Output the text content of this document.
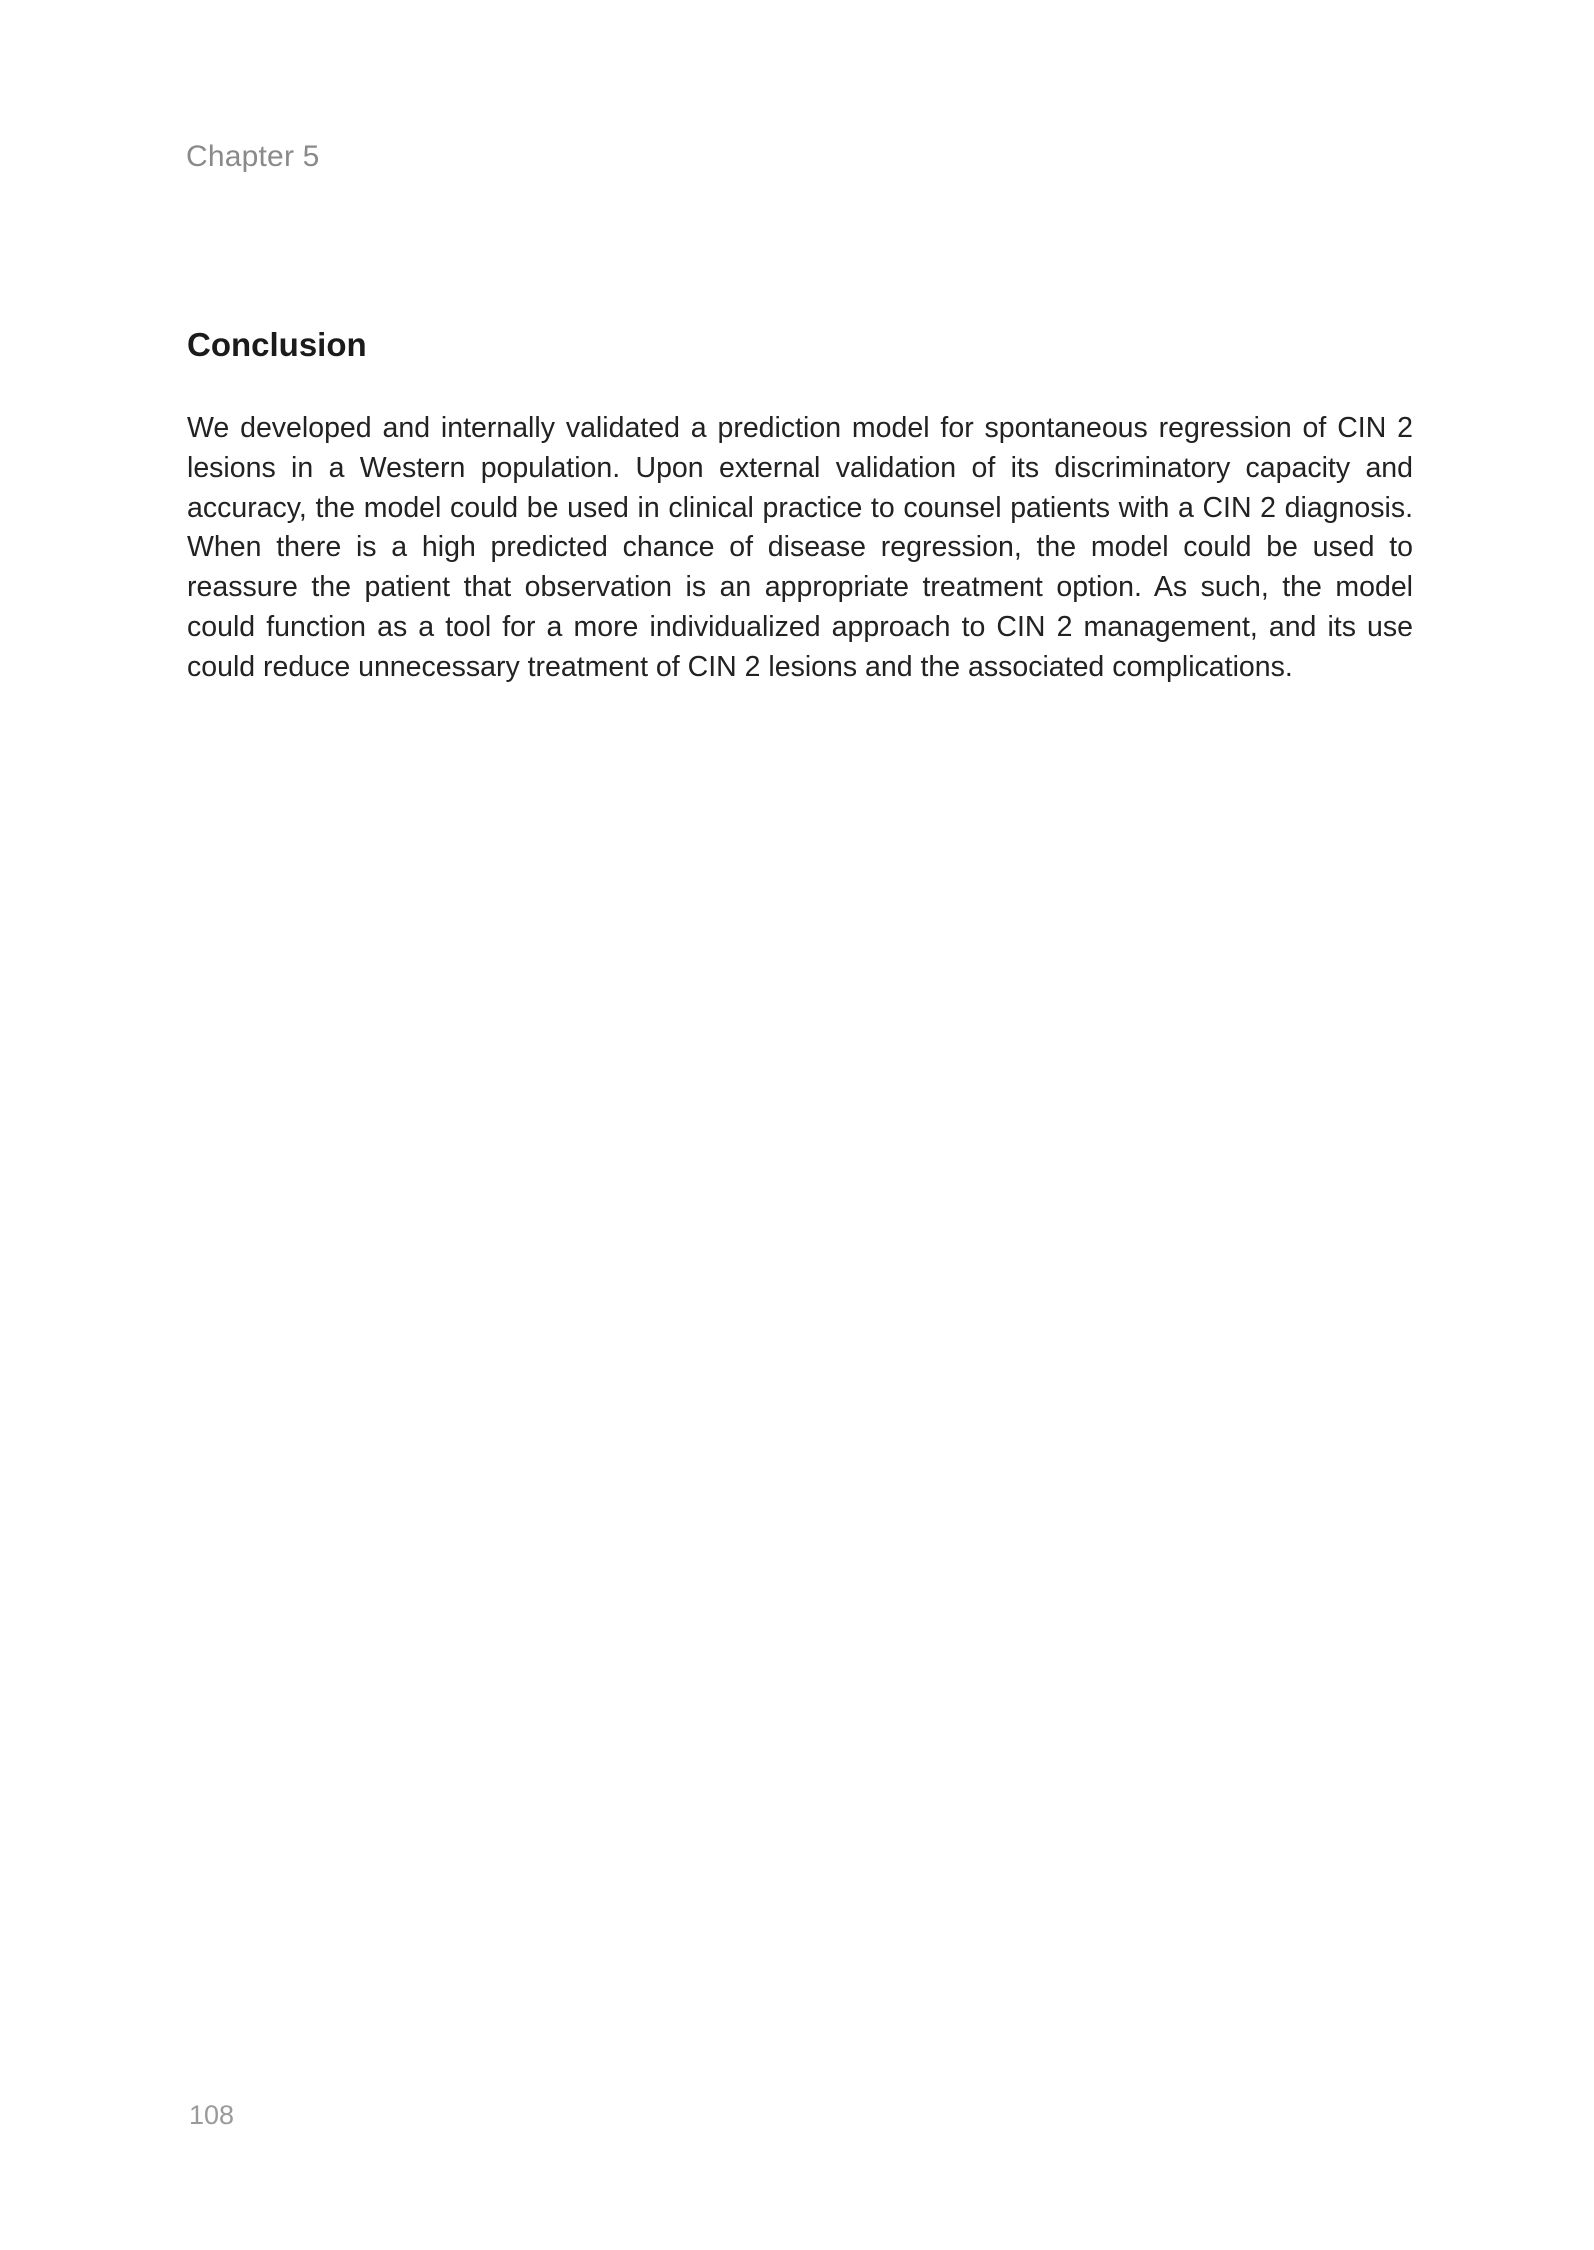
Chapter 5
Conclusion

We developed and internally validated a prediction model for spontaneous regression of CIN 2 lesions in a Western population. Upon external validation of its discriminatory capacity and accuracy, the model could be used in clinical practice to counsel patients with a CIN 2 diagnosis. When there is a high predicted chance of disease regression, the model could be used to reassure the patient that observation is an appropriate treatment option. As such, the model could function as a tool for a more individualized approach to CIN 2 management, and its use could reduce unnecessary treatment of CIN 2 lesions and the associated complications.

108
